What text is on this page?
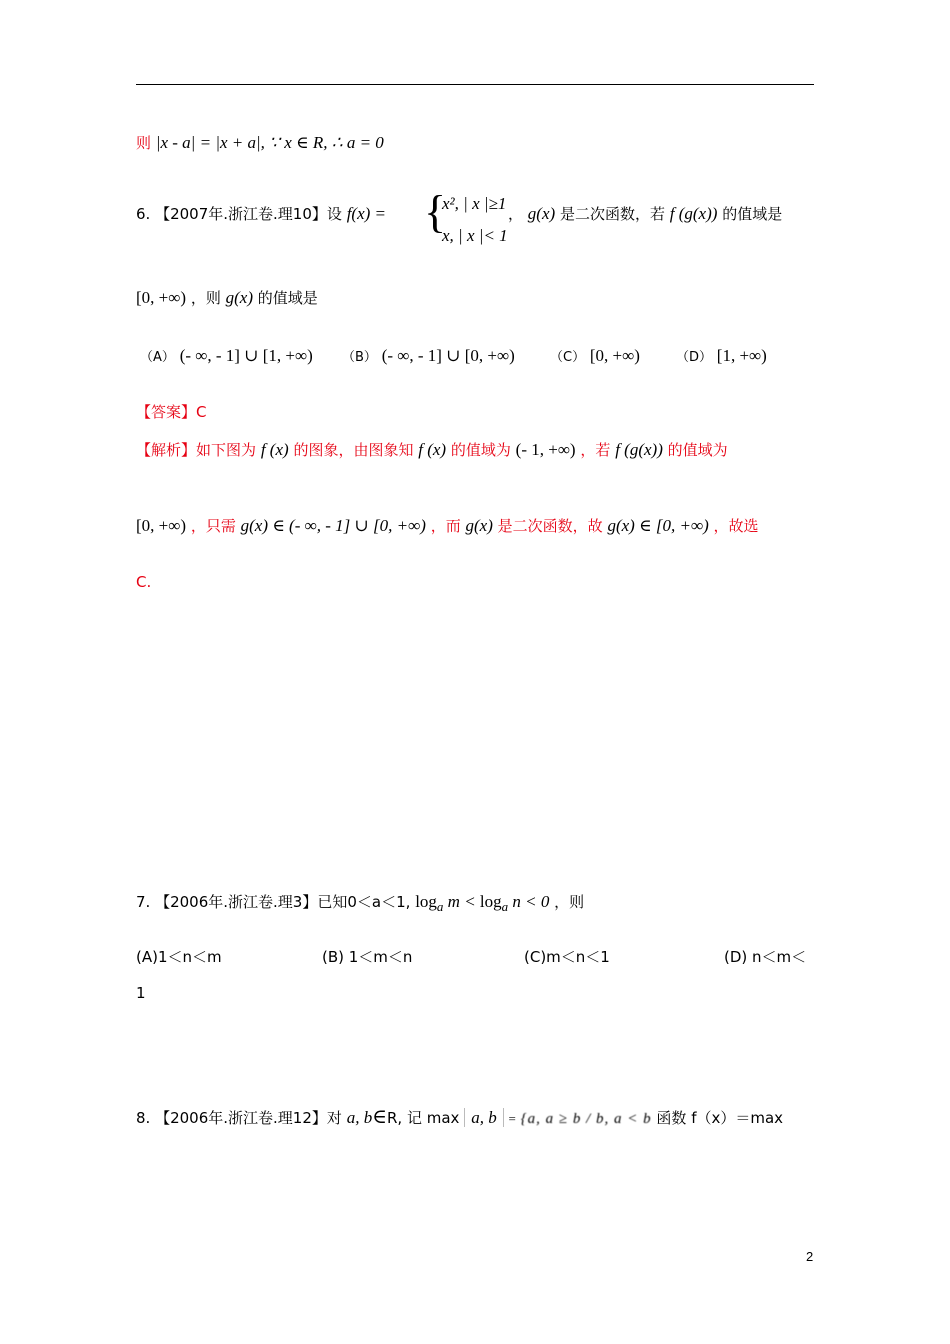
则 |x - a| = |x + a|, ∵ x ∈ R, ∴ a = 0
6. 【2007年.浙江卷.理10】设 f(x) = {
x², | x |≥1
x, | x |< 1
， g(x) 是二次函数，若 f (g(x)) 的值域是
[0, +∞) ，则 g(x) 的值域是
（A） (- ∞, - 1] ∪ [1, +∞) （B） (- ∞, - 1] ∪ [0, +∞)	（C） [0, +∞)	（D） [1, +∞)
【答案】C
【解析】如下图为 f (x) 的图象，由图象知 f (x) 的值域为 (- 1, +∞) ，若 f (g(x)) 的值域为
[0, +∞) ，只需 g(x) ∈ (- ∞, - 1] ∪ [0, +∞) ，而 g(x) 是二次函数，故 g(x) ∈ [0, +∞) ，故选
C.
7. 【2006年.浙江卷.理3】已知0＜a＜1, $\log_a m < \log_a n < 0$ ，则
(A)1＜n＜m	(B) 1＜m＜n	(C)m＜n＜1	(D) n＜m＜
1
8. 【2006年.浙江卷.理12】对 a, b∈R, 记 max a, b = {a, a ≥ b / b, a < b 函数 f（x）＝max
2
